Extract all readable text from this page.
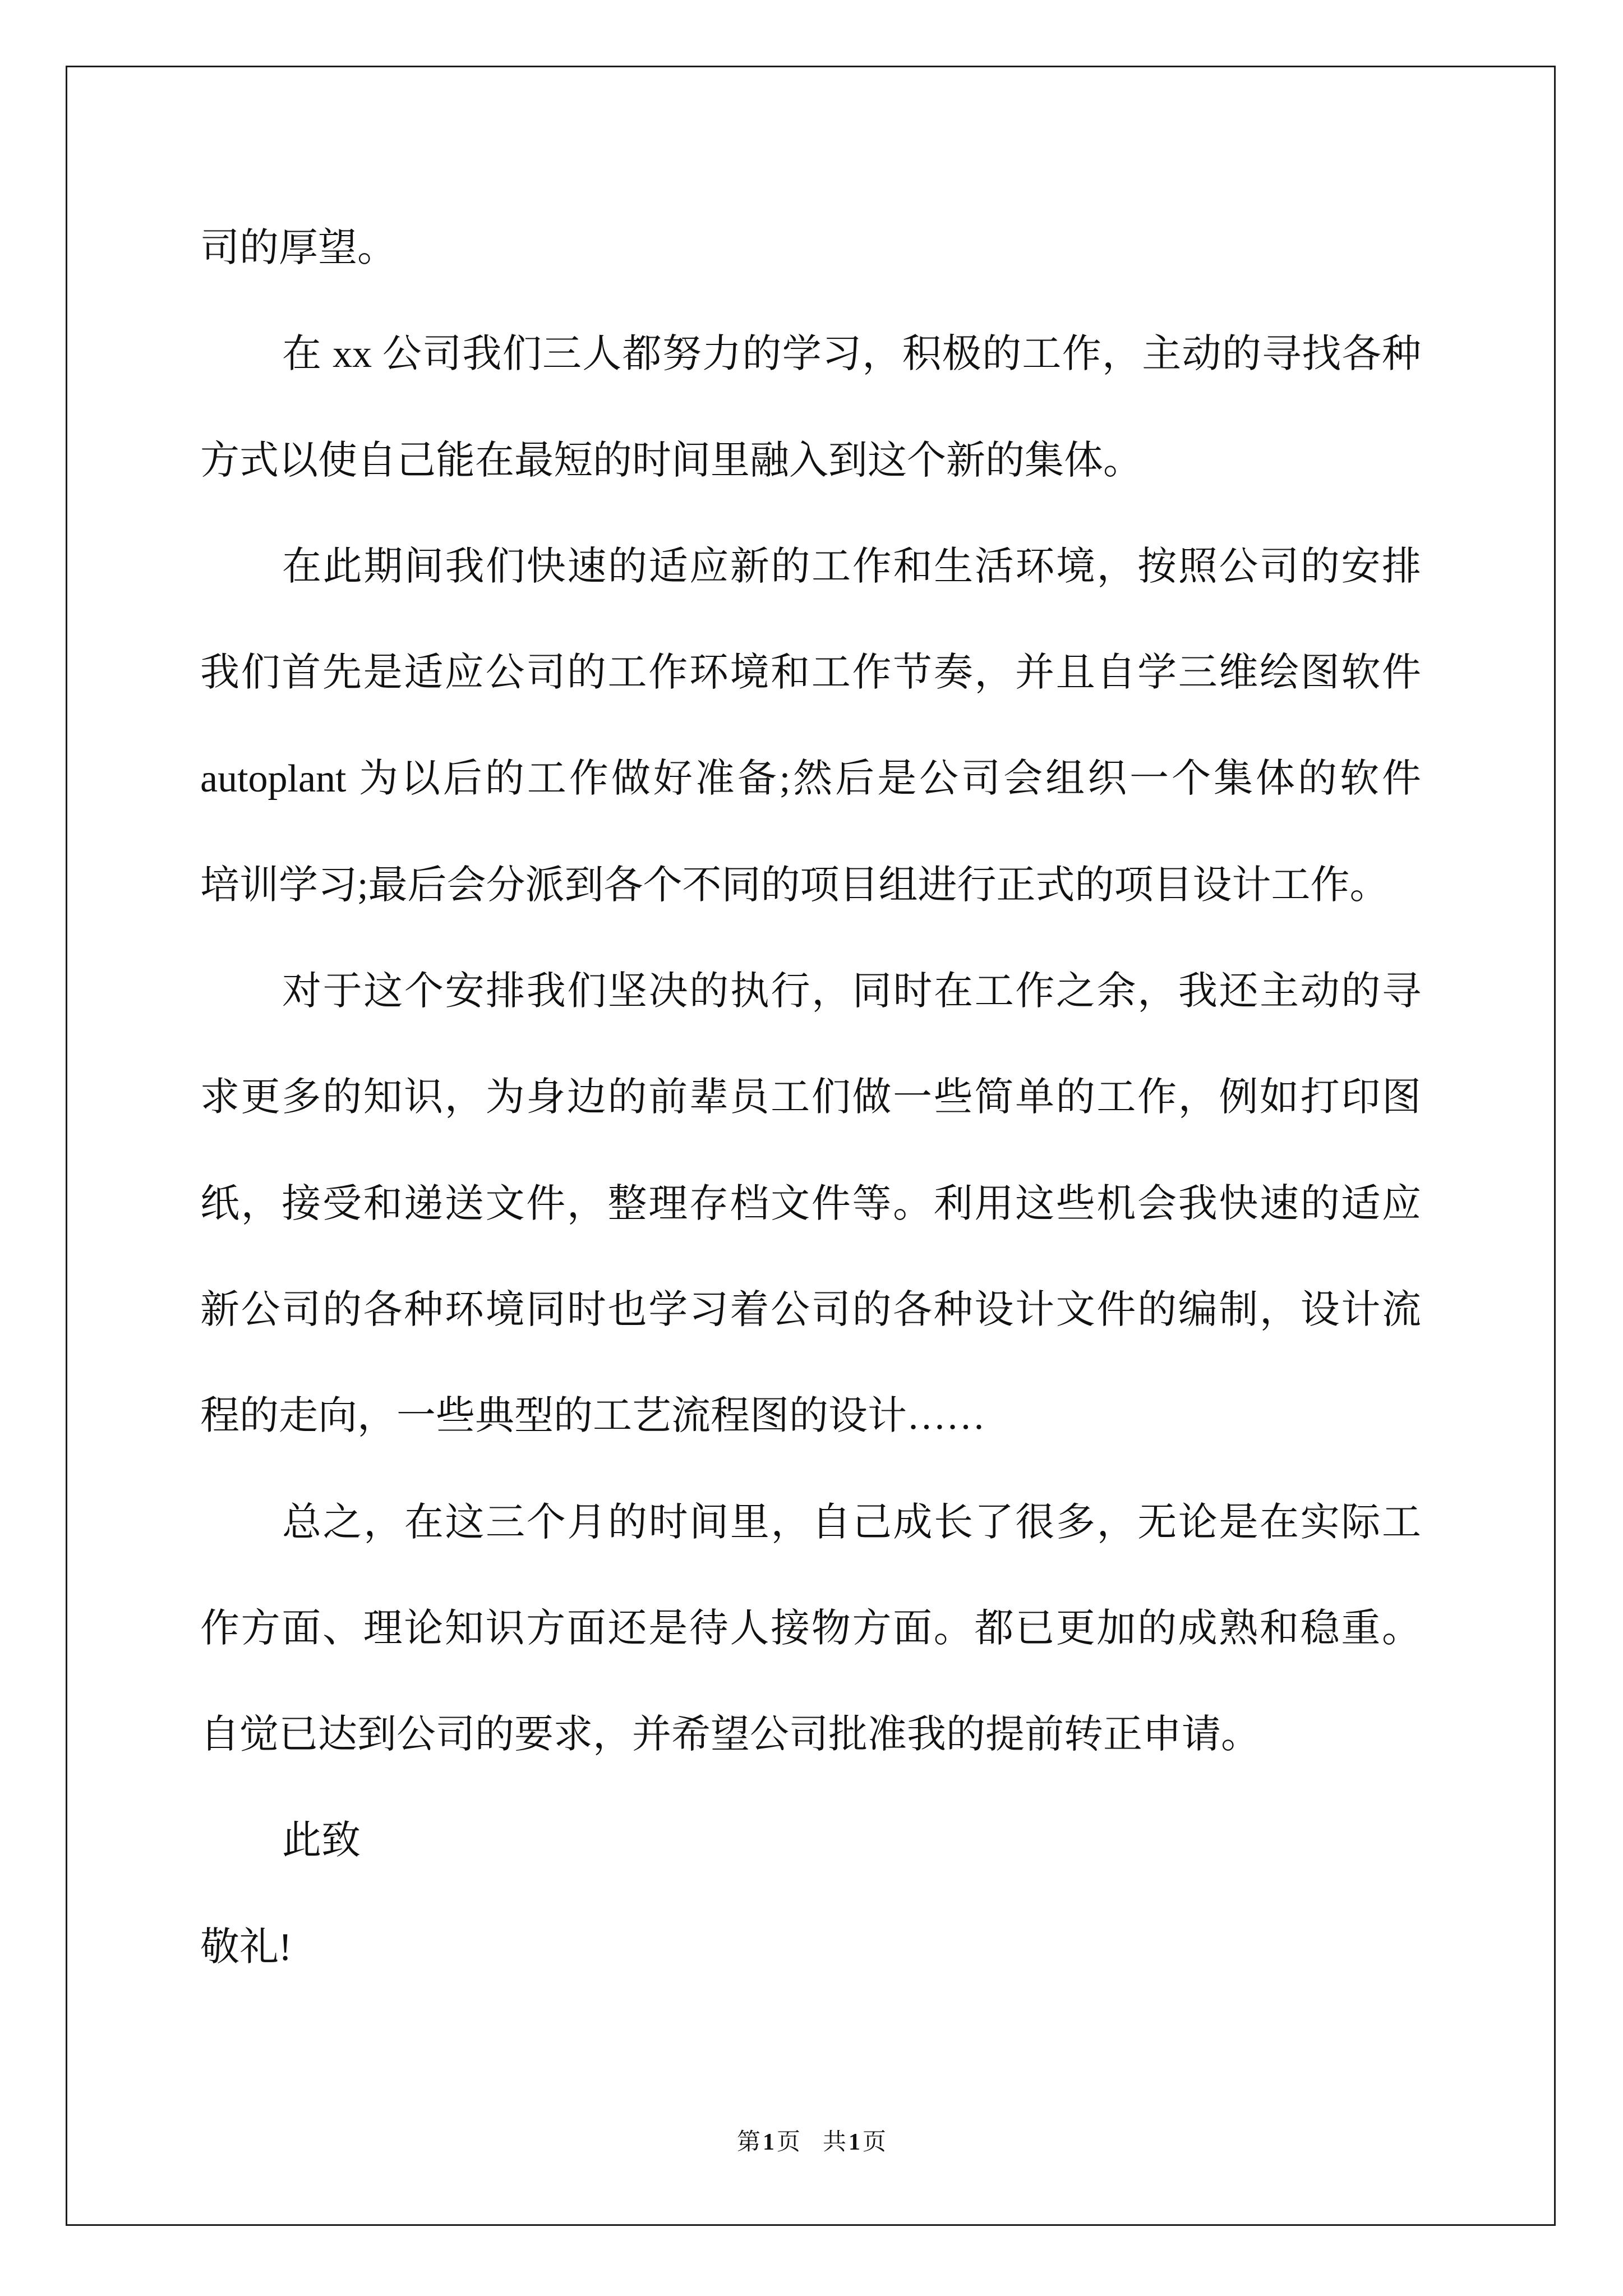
司的厚望。
在 xx 公司我们三人都努力的学习，积极的工作，主动的寻找各种
方式以使自己能在最短的时间里融入到这个新的集体。
在此期间我们快速的适应新的工作和生活环境，按照公司的安排
我们首先是适应公司的工作环境和工作节奏，并且自学三维绘图软件
autoplant 为以后的工作做好准备;然后是公司会组织一个集体的软件
培训学习;最后会分派到各个不同的项目组进行正式的项目设计工作。
对于这个安排我们坚决的执行，同时在工作之余，我还主动的寻
求更多的知识，为身边的前辈员工们做一些简单的工作，例如打印图
纸，接受和递送文件，整理存档文件等。利用这些机会我快速的适应
新公司的各种环境同时也学习着公司的各种设计文件的编制，设计流
程的走向，一些典型的工艺流程图的设计……
总之，在这三个月的时间里，自己成长了很多，无论是在实际工
作方面、理论知识方面还是待人接物方面。都已更加的成熟和稳重。
自觉已达到公司的要求，并希望公司批准我的提前转正申请。
此致
敬礼!
第1页 共1页
